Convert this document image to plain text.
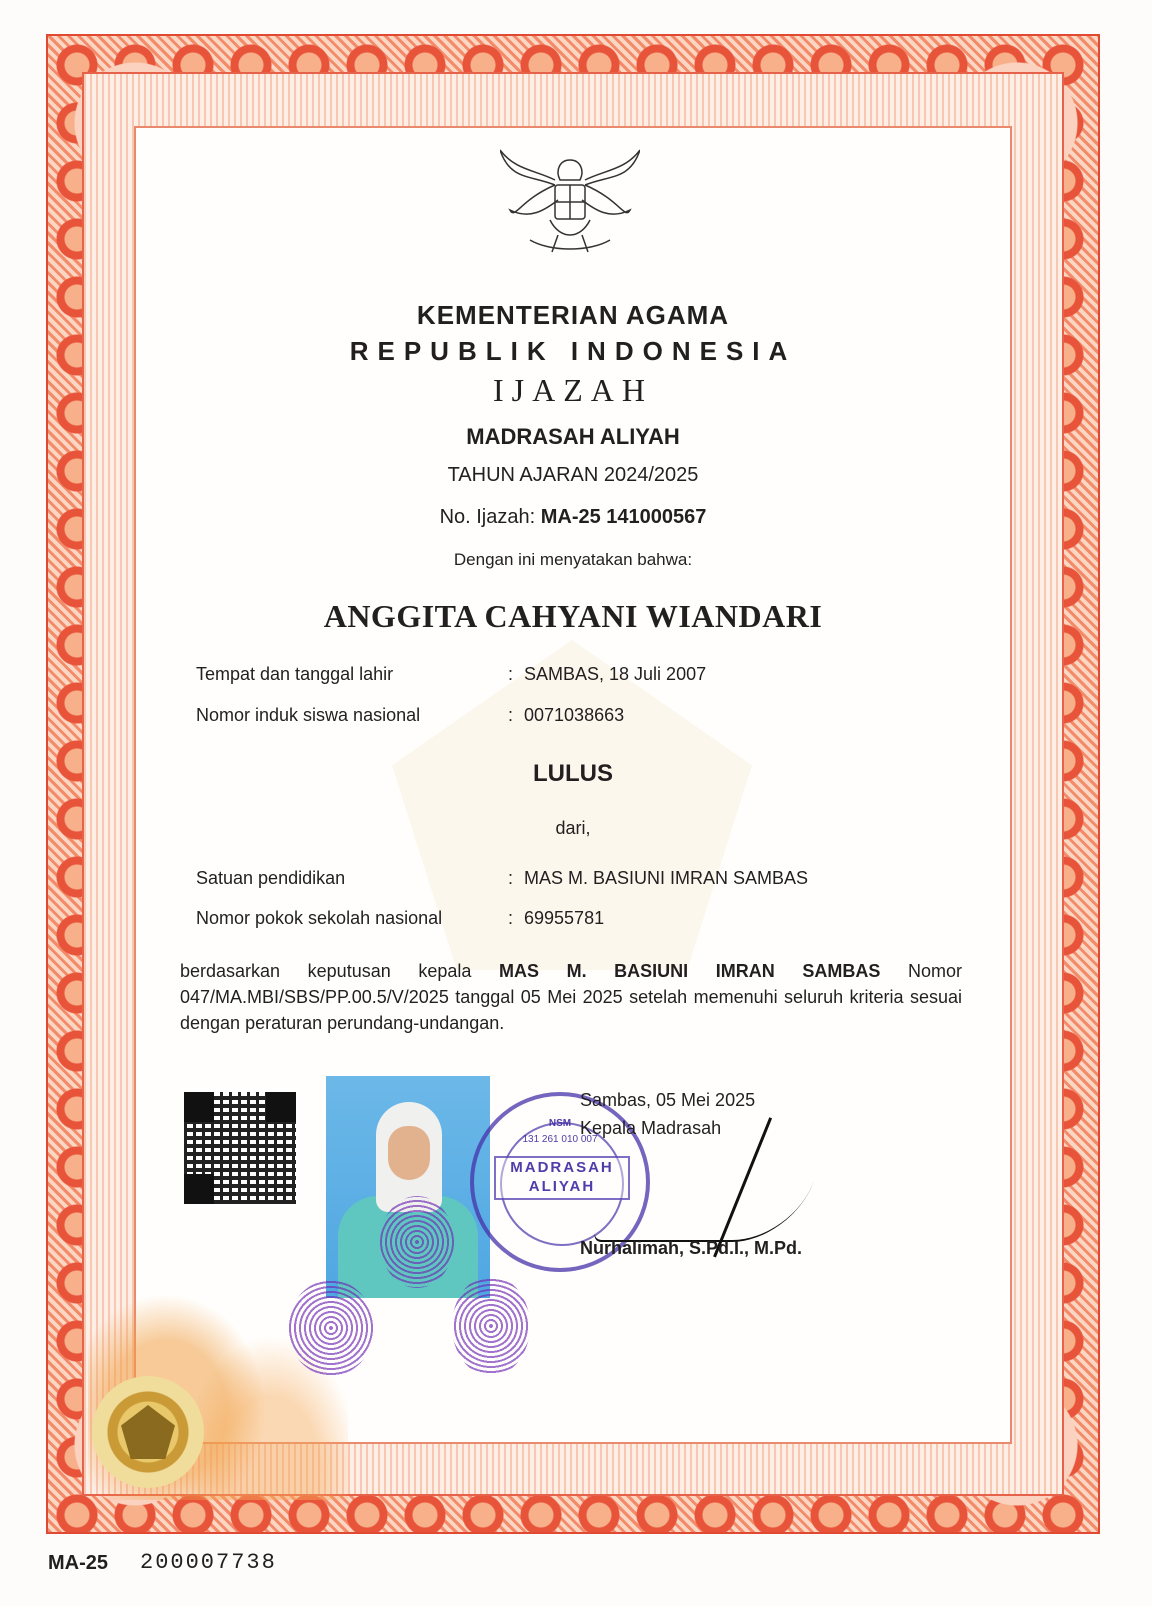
KEMENTERIAN AGAMA
REPUBLIK INDONESIA
IJAZAH
MADRASAH ALIYAH
TAHUN AJARAN 2024/2025
No. Ijazah: MA-25 141000567
Dengan ini menyatakan bahwa:
ANGGITA CAHYANI WIANDARI
Tempat dan tanggal lahir	: SAMBAS, 18 Juli 2007
Nomor induk siswa nasional	: 0071038663
LULUS
dari,
Satuan pendidikan	: MAS M. BASIUNI IMRAN SAMBAS
Nomor pokok sekolah nasional	: 69955781
berdasarkan keputusan kepala MAS M. BASIUNI IMRAN SAMBAS Nomor 047/MA.MBI/SBS/PP.00.5/V/2025 tanggal 05 Mei 2025 setelah memenuhi seluruh kriteria sesuai dengan peraturan perundang-undangan.
NSM
131 261 010 007
MADRASAH
ALIYAH
Sambas, 05 Mei 2025
Kepala Madrasah
Nurhalimah, S.Pd.I., M.Pd.
MA-25 200007738
